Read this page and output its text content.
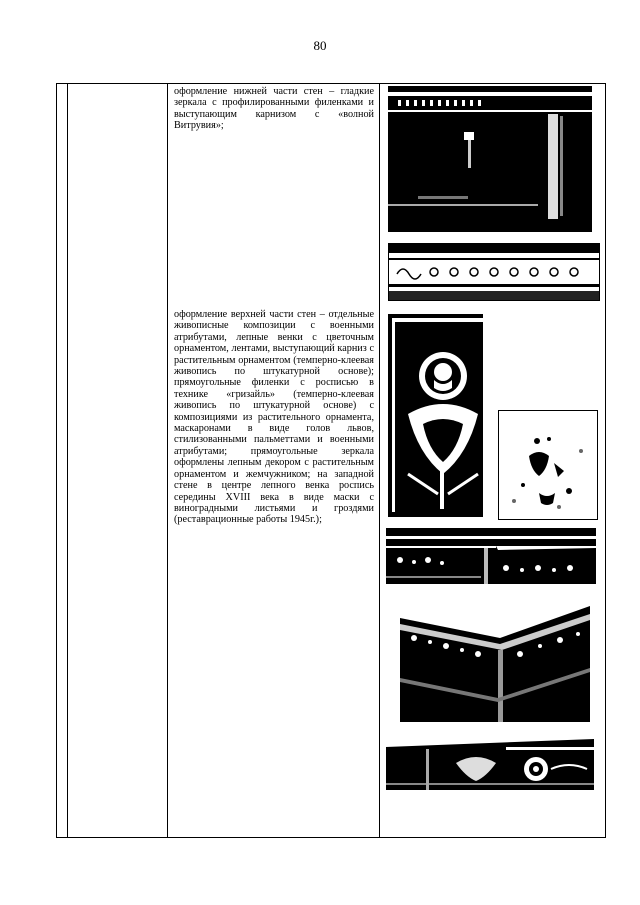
80
оформление нижней части стен – гладкие зеркала с профилированными филенками и выступающим карнизом с «волной Витрувия»;
оформление верхней части стен – отдельные живописные композиции с военными атрибутами, лепные венки с цветочным орнаментом, лентами, выступающий карниз с растительным орнаментом (темперно-клеевая живопись по штукатурной основе); прямоугольные филенки с росписью в технике «гризайль» (темперно-клеевая живопись по штукатурной основе) с композициями из растительного орнамента, маскаронами в виде голов львов, стилизованными пальметтами и военными атрибутами; прямоугольные зеркала оформлены лепным декором с растительным орнаментом и жемчужником; на западной стене в центре лепного венка роспись середины XVIII века в виде маски с виноградными листьями и гроздями (реставрационные работы 1945г.);
